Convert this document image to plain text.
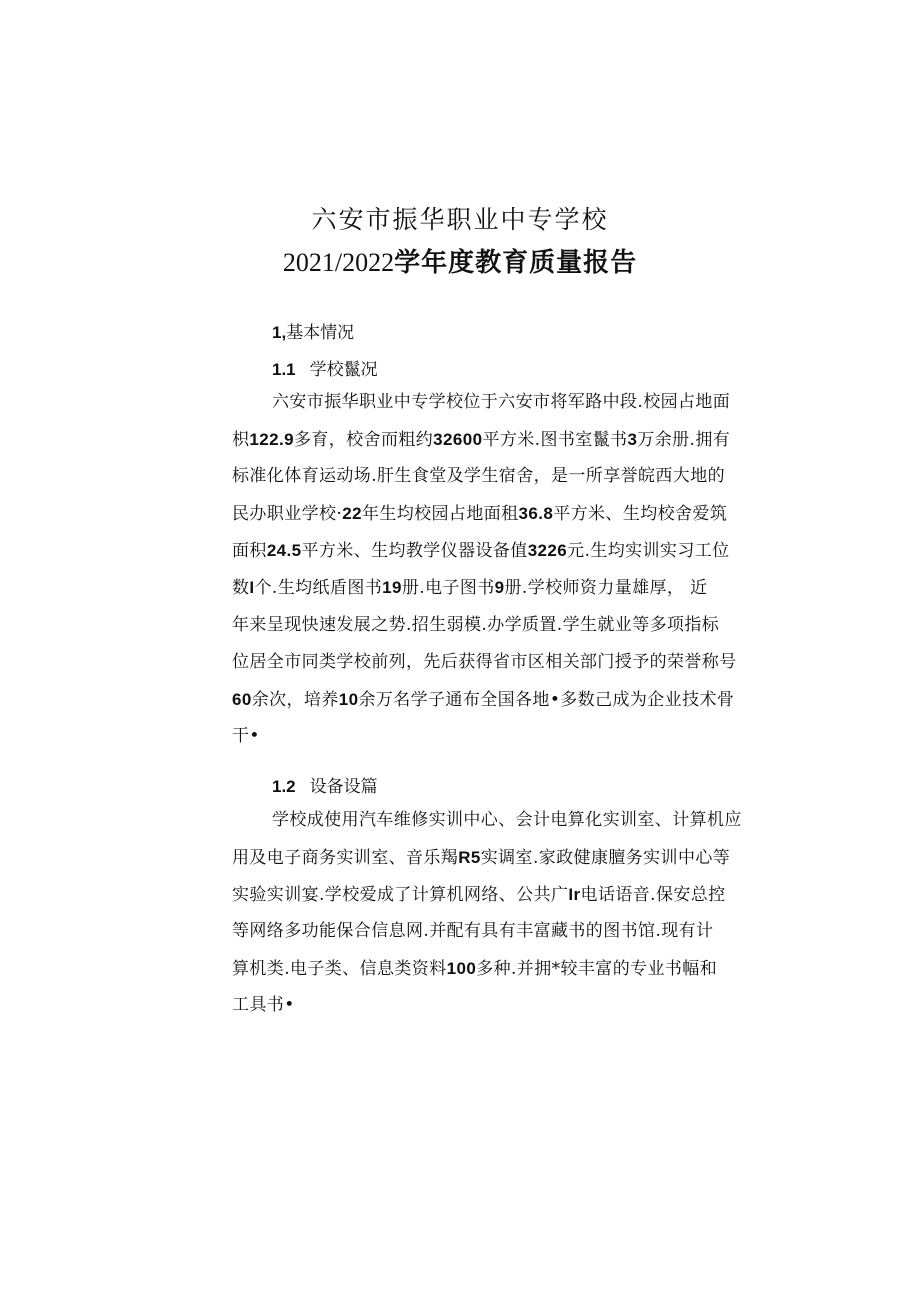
六安市振华职业中专学校
2021/2022学年度教育质量报告
1,基本情况
1.1 学校鬣况
六安市振华职业中专学校位于六安市将军路中段.校园占地面
枳122.9多育，校舍而粗约32600平方米.图书室鬣书3万余册.拥有
标准化体育运动场.肝生食堂及学生宿舍，是一所享誉皖西大地的
民办职业学校·22年生均校园占地面租36.8平方米、生均校舍爱筑
面积24.5平方米、生均教学仪器设备值3226元.生均实训实习工位
数I个.生均纸盾图书19册.电子图书9册.学校师资力量雄厚， 近
年来呈现快速发展之势.招生弱模.办学质置.学生就业等多项指标
位居全市同类学校前列，先后获得省市区相关部门授予的荣誉称号
60余次，培养10余万名学子通布全国各地•多数己成为企业技术骨
干•
1.2 设备设篇
学校成使用汽车维修实训中心、会计电算化实训室、计算机应
用及电子商务实训室、音乐羯R5实调室.家政健康膻务实训中心等
实验实训宴.学校爱成了计算机网络、公共广Ir电话语音.保安总控
等网络多功能保合信息网.并配有具有丰富藏书的图书馆.现有计
算机类.电子类、信息类资料100多种.并拥*较丰富的专业书幅和
工具书•
